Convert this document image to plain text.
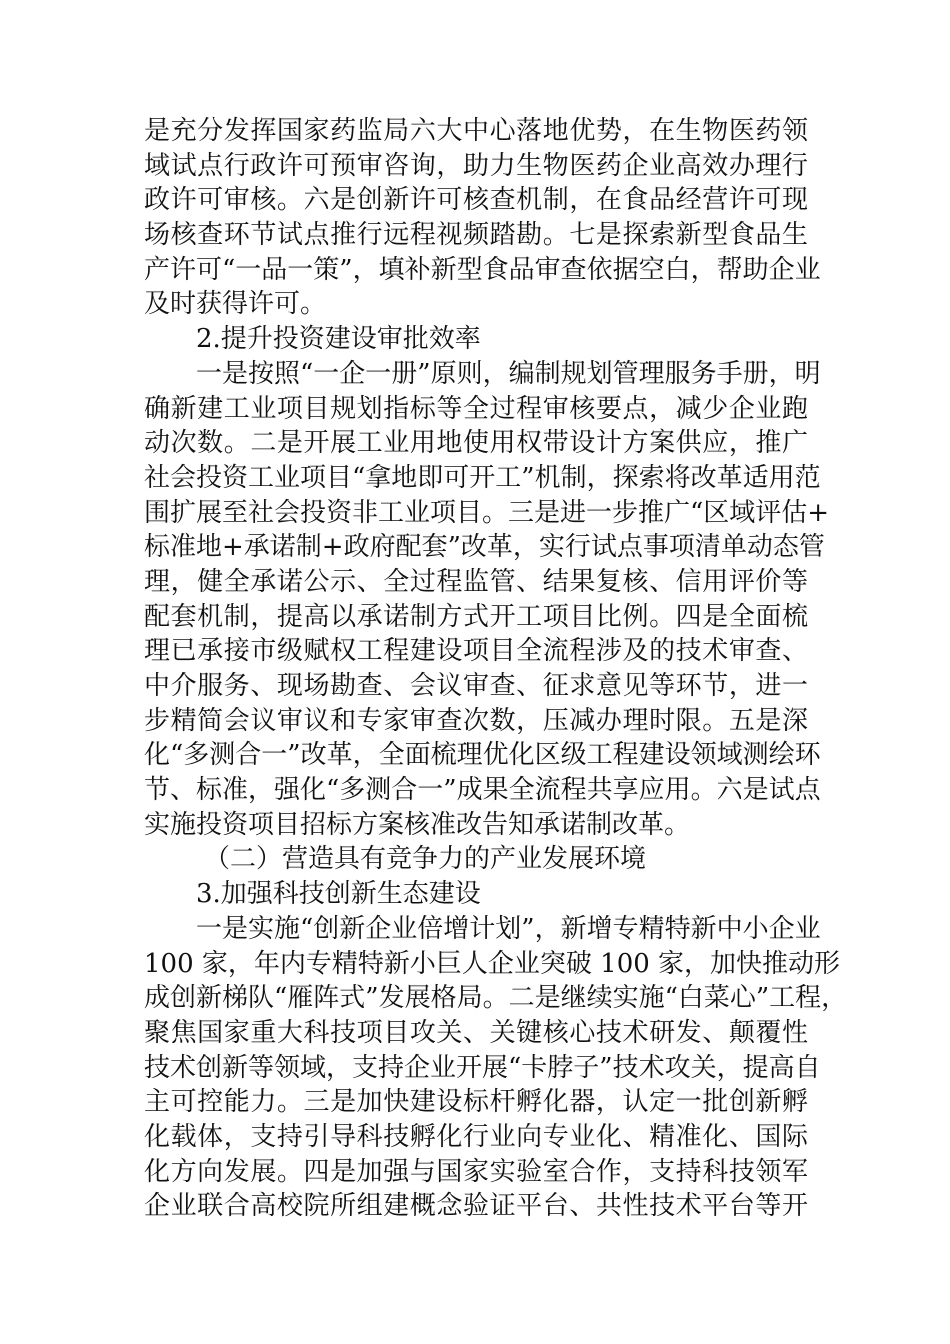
是充分发挥国家药监局六大中心落地优势，在生物医药领
域试点行政许可预审咨询，助力生物医药企业高效办理行
政许可审核。六是创新许可核查机制，在食品经营许可现
场核查环节试点推行远程视频踏勘。七是探索新型食品生
产许可“一品一策”，填补新型食品审查依据空白，帮助企业
及时获得许可。
2.提升投资建设审批效率
一是按照“一企一册”原则，编制规划管理服务手册，明
确新建工业项目规划指标等全过程审核要点，减少企业跑
动次数。二是开展工业用地使用权带设计方案供应，推广
社会投资工业项目“拿地即可开工”机制，探索将改革适用范
围扩展至社会投资非工业项目。三是进一步推广“区域评估+
标准地+承诺制+政府配套”改革，实行试点事项清单动态管
理，健全承诺公示、全过程监管、结果复核、信用评价等
配套机制，提高以承诺制方式开工项目比例。四是全面梳
理已承接市级赋权工程建设项目全流程涉及的技术审查、
中介服务、现场勘查、会议审查、征求意见等环节，进一
步精简会议审议和专家审查次数，压减办理时限。五是深
化“多测合一”改革，全面梳理优化区级工程建设领域测绘环
节、标准，强化“多测合一”成果全流程共享应用。六是试点
实施投资项目招标方案核准改告知承诺制改革。
（二）营造具有竞争力的产业发展环境
3.加强科技创新生态建设
一是实施“创新企业倍增计划”，新增专精特新中小企业
100 家，年内专精特新小巨人企业突破 100 家，加快推动形
成创新梯队“雁阵式”发展格局。二是继续实施“白菜心”工程，
聚焦国家重大科技项目攻关、关键核心技术研发、颠覆性
技术创新等领域，支持企业开展“卡脖子”技术攻关，提高自
主可控能力。三是加快建设标杆孵化器，认定一批创新孵
化载体，支持引导科技孵化行业向专业化、精准化、国际
化方向发展。四是加强与国家实验室合作，支持科技领军
企业联合高校院所组建概念验证平台、共性技术平台等开
